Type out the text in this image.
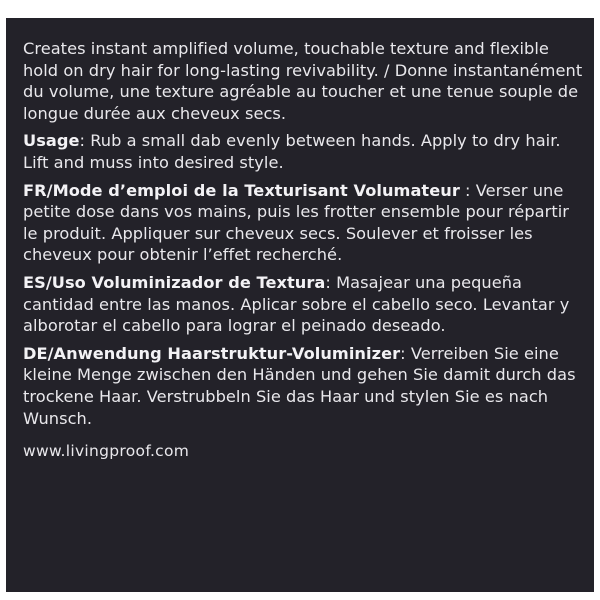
Creates instant amplified volume, touchable texture and flexible hold on dry hair for long-lasting revivability. / Donne instantanément du volume, une texture agréable au toucher et une tenue souple de longue durée aux cheveux secs.

Usage: Rub a small dab evenly between hands. Apply to dry hair. Lift and muss into desired style.

FR/Mode d’emploi de la Texturisant Volumateur : Verser une petite dose dans vos mains, puis les frotter ensemble pour répartir le produit. Appliquer sur cheveux secs. Soulever et froisser les cheveux pour obtenir l’effet recherché.

ES/Uso Voluminizador de Textura: Masajear una pequeña cantidad entre las manos. Aplicar sobre el cabello seco. Levantar y alborotar el cabello para lograr el peinado deseado.

DE/Anwendung Haarstruktur-Voluminizer: Verreiben Sie eine kleine Menge zwischen den Händen und gehen Sie damit durch das trockene Haar. Verstrubbeln Sie das Haar und stylen Sie es nach Wunsch.

www.livingproof.com
